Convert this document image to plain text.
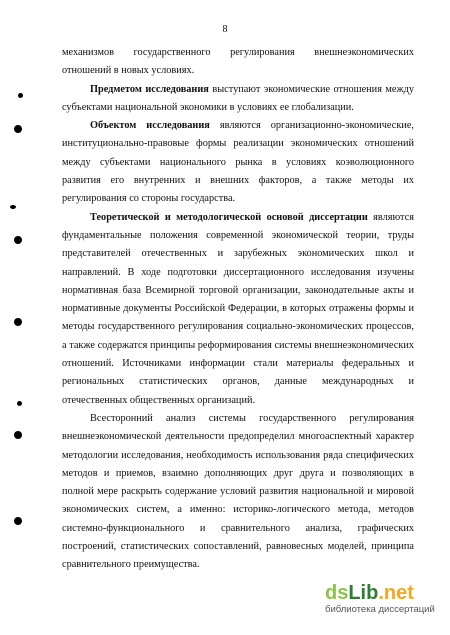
8

механизмов государственного регулирования внешнеэкономических отношений в новых условиях.

Предметом исследования выступают экономические отношения между субъектами национальной экономики в условиях ее глобализации.

Объектом исследования являются организационно-экономические, институционально-правовые формы реализации экономических отношений между субъектами национального рынка в условиях коэволюционного развития его внутренних и внешних факторов, а также методы их регулирования со стороны государства.

Теоретической и методологической основой диссертации являются фундаментальные положения современной экономической теории, труды представителей отечественных и зарубежных экономических школ и направлений. В ходе подготовки диссертационного исследования изучены нормативная база Всемирной торговой организации, законодательные акты и нормативные документы Российской Федерации, в которых отражены формы и методы государственного регулирования социально-экономических процессов, а также содержатся принципы реформирования системы внешнеэкономических отношений. Источниками информации стали материалы федеральных и региональных статистических органов, данные международных и отечественных общественных организаций.

Всесторонний анализ системы государственного регулирования внешнеэкономической деятельности предопределил многоаспектный характер методологии исследования, необходимость использования ряда специфических методов и приемов, взаимно дополняющих друг друга и позволяющих в полной мере раскрыть содержание условий развития национальной и мировой экономических систем, а именно: историко-логического метода, методов системно-функционального и сравнительного анализа, графических построений, статистических сопоставлений, равновесных моделей, принципа сравнительного преимущества.

dsLib.net
библиотека диссертаций
